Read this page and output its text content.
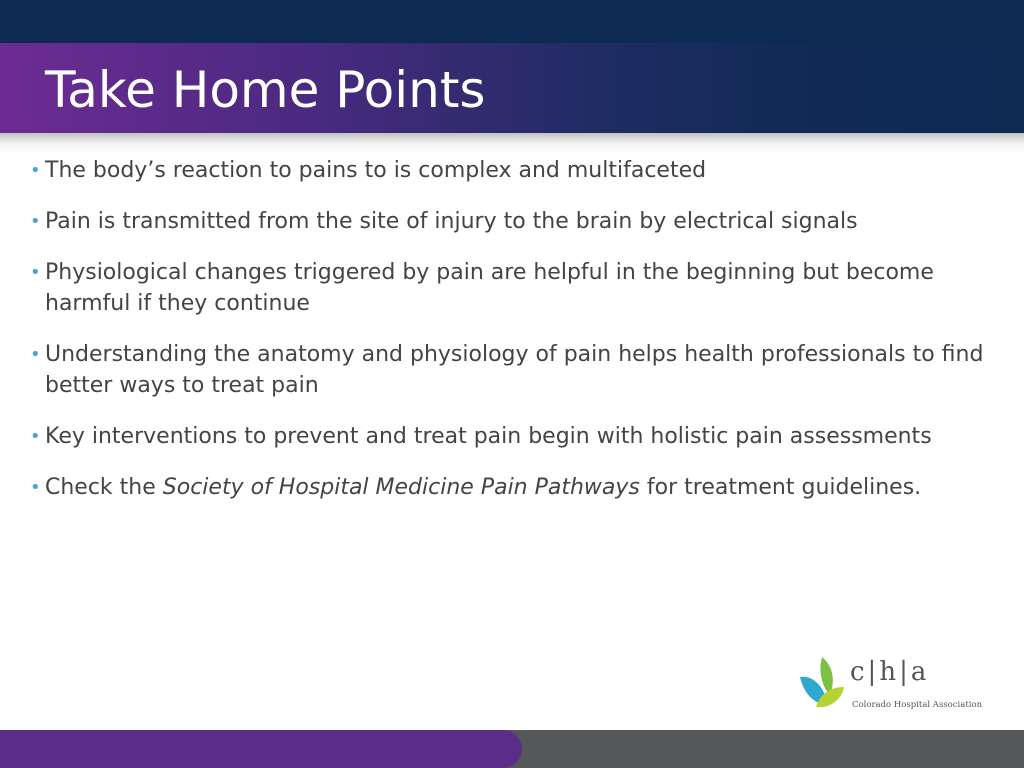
Take Home Points
• The body’s reaction to pains to is complex and multifaceted
• Pain is transmitted from the site of injury to the brain by electrical signals
• Physiological changes triggered by pain are helpful in the beginning but become harmful if they continue
• Understanding the anatomy and physiology of pain helps health professionals to find better ways to treat pain
• Key interventions to prevent and treat pain begin with holistic pain assessments
• Check the Society of Hospital Medicine Pain Pathways for treatment guidelines.
c|h|a
Colorado Hospital Association
